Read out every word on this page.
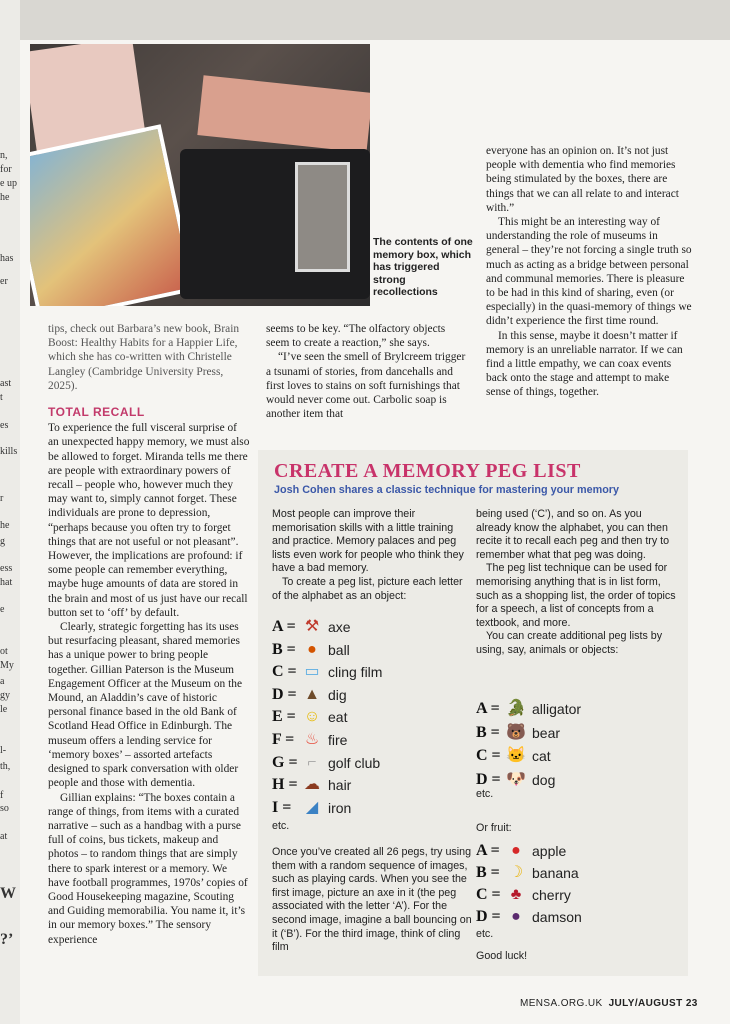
n,
for
e up
he
has
er
ast
t
es
kills
r
he
g
ess
hat
e
ot
My
a
gy
le
l-
th,
f
so
at
W
?’
The contents of one memory box, which has triggered strong recollections

tips, check out Barbara’s new book, Brain Boost: Healthy Habits for a Happier Life, which she has co-written with Christelle Langley (Cambridge University Press, 2025).

TOTAL RECALL

To experience the full visceral surprise of an unexpected happy memory, we must also be allowed to forget. Miranda tells me there are people with extraordinary powers of recall – people who, however much they may want to, simply cannot forget. These individuals are prone to depression, “perhaps because you often try to forget things that are not useful or not pleasant”. However, the implications are profound: if some people can remember everything, maybe huge amounts of data are stored in the brain and most of us just have our recall button set to ‘off’ by default.

Clearly, strategic forgetting has its uses but resurfacing pleasant, shared memories has a unique power to bring people together. Gillian Paterson is the Museum Engagement Officer at the Museum on the Mound, an Aladdin’s cave of historic personal finance based in the old Bank of Scotland Head Office in Edinburgh. The museum offers a lending service for ‘memory boxes’ – assorted artefacts designed to spark conversation with older people and those with dementia.

Gillian explains: “The boxes contain a range of things, from items with a curated narrative – such as a handbag with a purse full of coins, bus tickets, makeup and photos – to random things that are simply there to spark interest or a memory. We have football programmes, 1970s’ copies of Good Housekeeping magazine, Scouting and Guiding memorabilia. You name it, it’s in our memory boxes.” The sensory experience

seems to be key. “The olfactory objects seem to create a reaction,” she says.

“I’ve seen the smell of Brylcreem trigger a tsunami of stories, from dancehalls and first loves to stains on soft furnishings that would never come out. Carbolic soap is another item that

everyone has an opinion on. It’s not just people with dementia who find memories being stimulated by the boxes, there are things that we can all relate to and interact with.”

This might be an interesting way of understanding the role of museums in general – they’re not forcing a single truth so much as acting as a bridge between personal and communal memories. There is pleasure to be had in this kind of sharing, even (or especially) in the quasi-memory of things we didn’t experience the first time round.

In this sense, maybe it doesn’t matter if memory is an unreliable narrator. If we can find a little empathy, we can coax events back onto the stage and attempt to make sense of things, together.

CREATE A MEMORY PEG LIST
Josh Cohen shares a classic technique for mastering your memory

Most people can improve their memorisation skills with a little training and practice. Memory palaces and peg lists even work for people who think they have a bad memory.

To create a peg list, picture each letter of the alphabet as an object:

etc.

Once you’ve created all 26 pegs, try using them with a random sequence of images, such as playing cards. When you see the first image, picture an axe in it (the peg associated with the letter ‘A’). For the second image, imagine a ball bouncing on it (‘B’). For the third image, think of cling film

being used (‘C’), and so on. As you already know the alphabet, you can then recite it to recall each peg and then try to remember what that peg was doing.

The peg list technique can be used for memorising anything that is in list form, such as a shopping list, the order of topics for a speech, a list of concepts from a textbook, and more.

You can create additional peg lists by using, say, animals or objects:

etc.
Or fruit:
etc.
Good luck!
A = ⚒ axe
B = ● ball
C = ▭ cling film
D = ▲ dig
E = ☺ eat
F = ♨ fire
G = ⌐ golf club
H = ☁ hair
I = ◢ iron
A = 🐊 alligator
B = 🐻 bear
C = 🐱 cat
D = 🐶 dog
A = ● apple
B = ☽ banana
C = ♣ cherry
D = ● damson
MENSA.ORG.UK JULY/AUGUST 23
